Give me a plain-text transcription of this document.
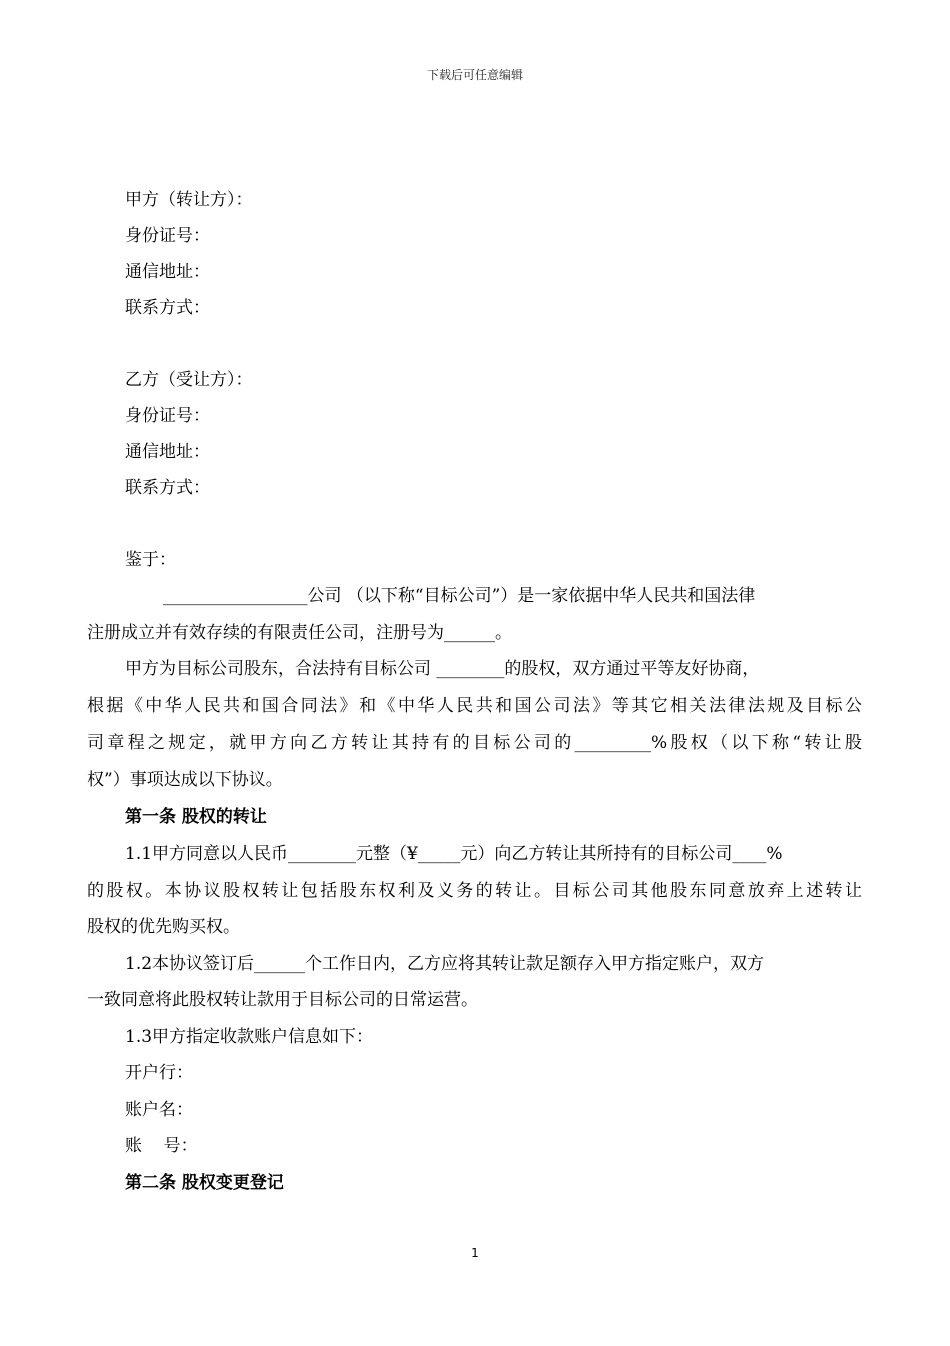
下载后可任意编辑
甲方（转让方）：
身份证号：
通信地址：
联系方式：
乙方（受让方）：
身份证号：
通信地址：
联系方式：
鉴于：
_________________公司 （以下称“目标公司”）是一家依据中华人民共和国法律
注册成立并有效存续的有限责任公司，注册号为______。
甲方为目标公司股东，合法持有目标公司 ________的股权，双方通过平等友好协商，
根据《中华人民共和国合同法》和《中华人民共和国公司法》等其它相关法律法规及目标公
司章程之规定，就甲方向乙方转让其持有的目标公司的_________%股权（以下称“转让股
权”）事项达成以下协议。
第一条 股权的转让
1.1甲方同意以人民币________元整（¥_____元）向乙方转让其所持有的目标公司____%
的股权。本协议股权转让包括股东权利及义务的转让。目标公司其他股东同意放弃上述转让
股权的优先购买权。
1.2本协议签订后______个工作日内，乙方应将其转让款足额存入甲方指定账户，双方
一致同意将此股权转让款用于目标公司的日常运营。
1.3甲方指定收款账户信息如下：
开户行：
账户名：
账    号：
第二条 股权变更登记
1
